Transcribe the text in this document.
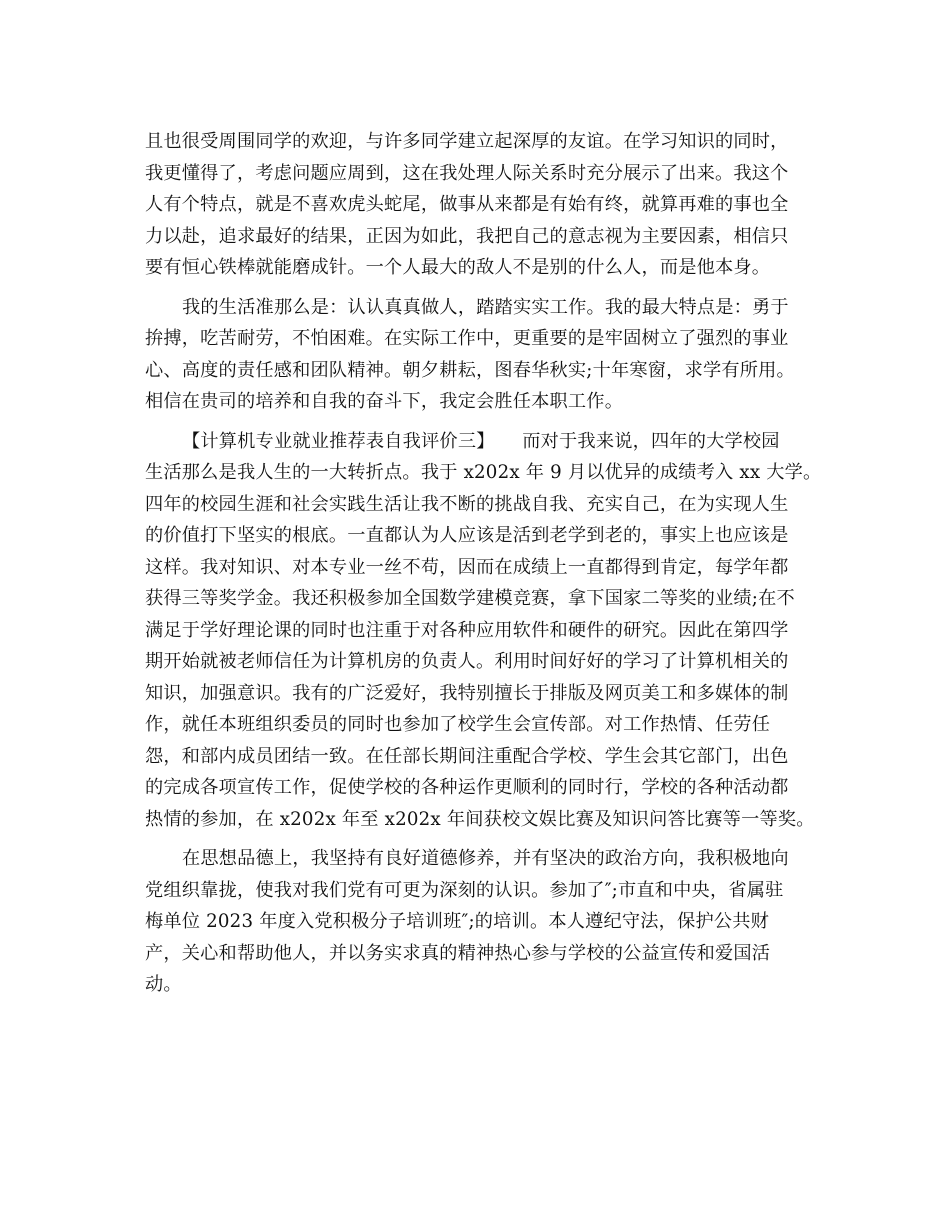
且也很受周围同学的欢迎，与许多同学建立起深厚的友谊。在学习知识的同时，
我更懂得了，考虑问题应周到，这在我处理人际关系时充分展示了出来。我这个
人有个特点，就是不喜欢虎头蛇尾，做事从来都是有始有终，就算再难的事也全
力以赴，追求最好的结果，正因为如此，我把自己的意志视为主要因素，相信只
要有恒心铁棒就能磨成针。一个人最大的敌人不是别的什么人，而是他本身。
我的生活准那么是：认认真真做人，踏踏实实工作。我的最大特点是：勇于
拚搏，吃苦耐劳，不怕困难。在实际工作中，更重要的是牢固树立了强烈的事业
心、高度的责任感和团队精神。朝夕耕耘，图春华秋实;十年寒窗，求学有所用。
相信在贵司的培养和自我的奋斗下，我定会胜任本职工作。
【计算机专业就业推荐表自我评价三】　　而对于我来说，四年的大学校园
生活那么是我人生的一大转折点。我于 x202x 年 9 月以优异的成绩考入 xx 大学。
四年的校园生涯和社会实践生活让我不断的挑战自我、充实自己，在为实现人生
的价值打下坚实的根底。一直都认为人应该是活到老学到老的，事实上也应该是
这样。我对知识、对本专业一丝不苟，因而在成绩上一直都得到肯定，每学年都
获得三等奖学金。我还积极参加全国数学建模竞赛，拿下国家二等奖的业绩;在不
满足于学好理论课的同时也注重于对各种应用软件和硬件的研究。因此在第四学
期开始就被老师信任为计算机房的负责人。利用时间好好的学习了计算机相关的
知识，加强意识。我有的广泛爱好，我特别擅长于排版及网页美工和多媒体的制
作，就任本班组织委员的同时也参加了校学生会宣传部。对工作热情、任劳任
怨，和部内成员团结一致。在任部长期间注重配合学校、学生会其它部门，出色
的完成各项宣传工作，促使学校的各种运作更顺利的同时行，学校的各种活动都
热情的参加，在 x202x 年至 x202x 年间获校文娱比赛及知识问答比赛等一等奖。
在思想品德上，我坚持有良好道德修养，并有坚决的政治方向，我积极地向
党组织靠拢，使我对我们党有可更为深刻的认识。参加了″;市直和中央，省属驻
梅单位 2023 年度入党积极分子培训班″;的培训。本人遵纪守法，保护公共财
产，关心和帮助他人，并以务实求真的精神热心参与学校的公益宣传和爱国活
动。
